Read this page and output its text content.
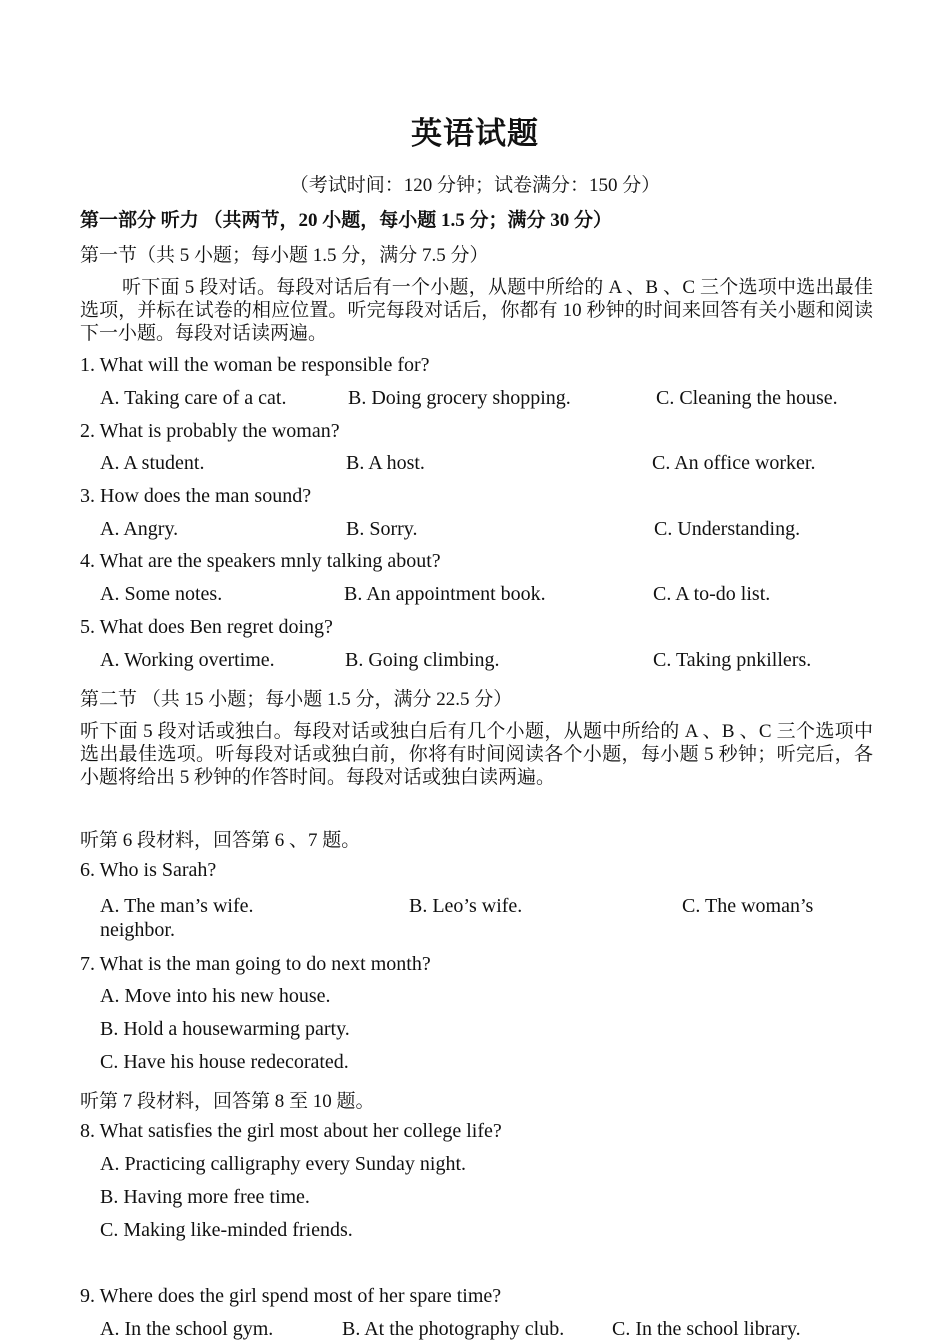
英语试题
（考试时间：120 分钟；试卷满分：150 分）
第一部分 听力 （共两节，20 小题，每小题 1.5 分；满分 30 分）
第一节（共 5 小题；每小题 1.5 分，满分 7.5 分）
听下面 5 段对话。每段对话后有一个小题，从题中所给的 A 、B 、C 三个选项中选出最佳选项，并标在试卷的相应位置。听完每段对话后，你都有 10 秒钟的时间来回答有关小题和阅读下一小题。每段对话读两遍。
1. What will the woman be responsible for?
A. Taking care of a cat.	B. Doing grocery shopping.	C. Cleaning the house.
2. What is probably the woman?
A. A student.	B. A host.	C. An office worker.
3. How does the man sound?
A. Angry.	B. Sorry.	C. Understanding.
4. What are the speakers mnly talking about?
A. Some notes.	B. An appointment book.	C. A to-do list.
5. What does Ben regret doing?
A. Working overtime.	B. Going climbing.	C. Taking pnkillers.
第二节 （共 15 小题；每小题 1.5 分，满分 22.5 分）
听下面 5 段对话或独白。每段对话或独白后有几个小题，从题中所给的 A 、B 、C 三个选项中选出最佳选项。听每段对话或独白前，你将有时间阅读各个小题，每小题 5 秒钟；听完后，各小题将给出 5 秒钟的作答时间。每段对话或独白读两遍。
听第 6 段材料，回答第 6 、7 题。
6. Who is Sarah?
A. The man’s wife.	B. Leo’s wife.	C. The woman’s
neighbor.
7. What is the man going to do next month?
A. Move into his new house.
B. Hold a housewarming party.
C. Have his house redecorated.
听第 7 段材料，回答第 8 至 10 题。
8. What satisfies the girl most about her college life?
A. Practicing calligraphy every Sunday night.
B. Having more free time.
C. Making like-minded friends.
9. Where does the girl spend most of her spare time?
A. In the school gym.	B. At the photography club. C. In the school library.
